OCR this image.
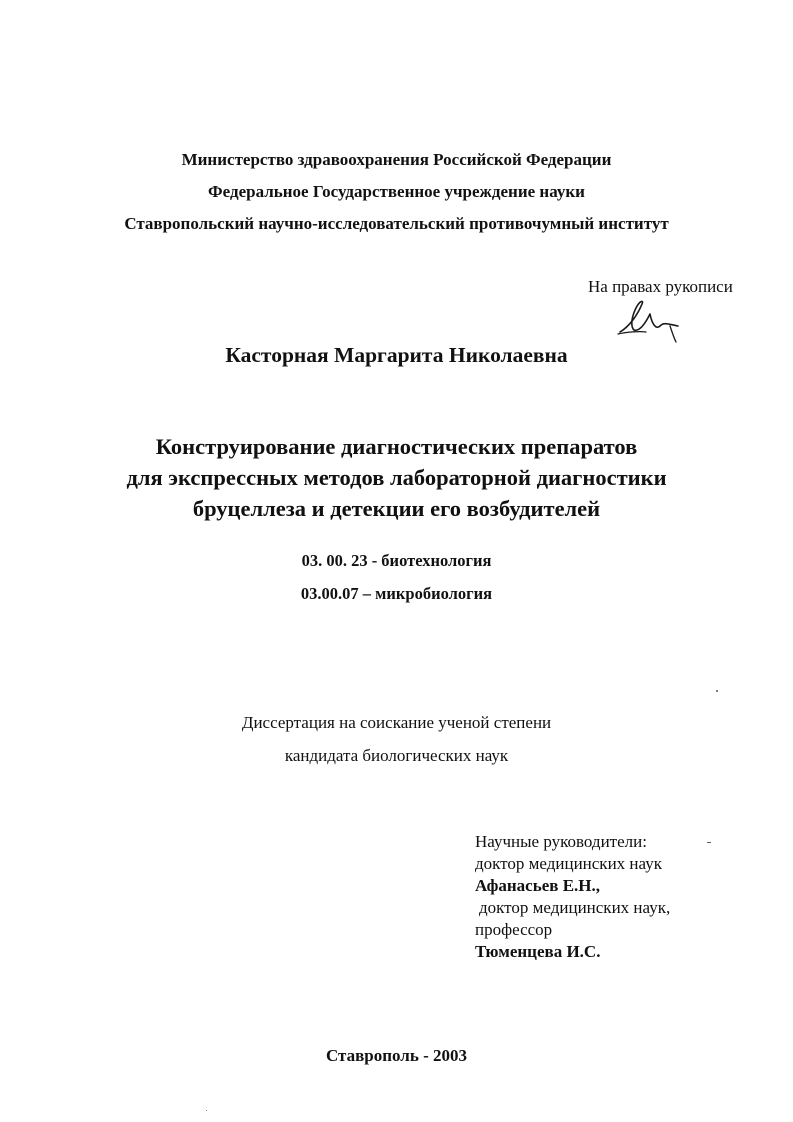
Министерство здравоохранения Российской Федерации

Федеральное Государственное учреждение науки

Ставропольский научно-исследовательский противочумный институт

На правах рукописи

Касторная Маргарита Николаевна

Конструирование диагностических препаратов

для экспрессных методов лабораторной диагностики

бруцеллеза и детекции его возбудителей

03. 00. 23 - биотехнология

03.00.07 – микробиология

Диссертация на соискание ученой степени

кандидата биологических наук

Научные руководители:

доктор медицинских наук

Афанасьев Е.Н.,

доктор медицинских наук,

профессор

Тюменцева И.С.

Ставрополь - 2003
